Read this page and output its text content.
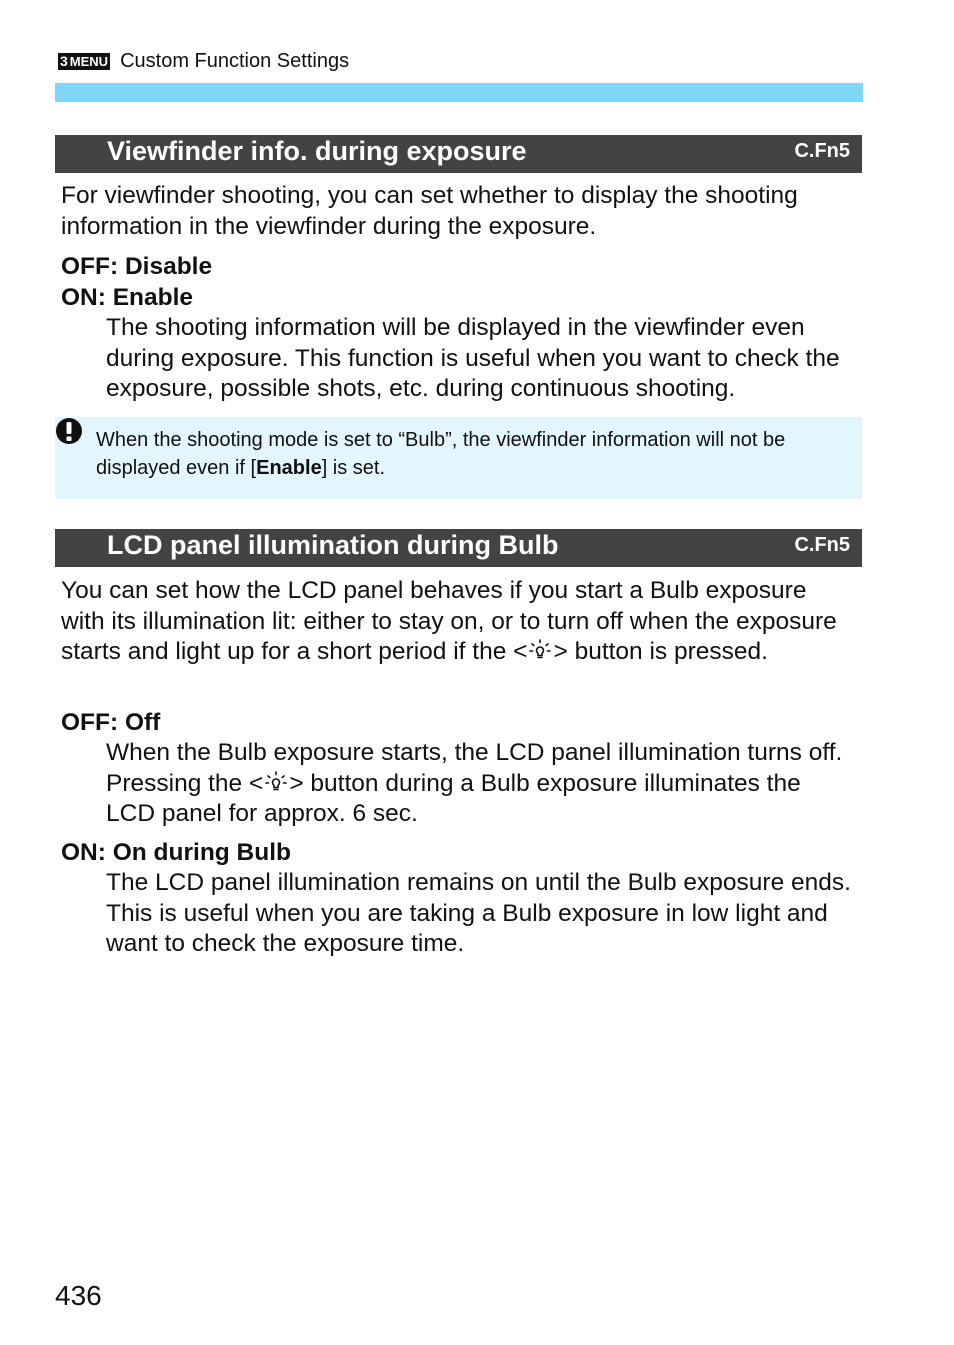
3 MENU Custom Function Settings
Viewfinder info. during exposure	C.Fn5
For viewfinder shooting, you can set whether to display the shooting information in the viewfinder during the exposure.
OFF: Disable
ON: Enable
The shooting information will be displayed in the viewfinder even during exposure. This function is useful when you want to check the exposure, possible shots, etc. during continuous shooting.
When the shooting mode is set to “Bulb”, the viewfinder information will not be displayed even if [Enable] is set.
LCD panel illumination during Bulb	C.Fn5
You can set how the LCD panel behaves if you start a Bulb exposure with its illumination lit: either to stay on, or to turn off when the exposure starts and light up for a short period if the < > button is pressed.
OFF: Off
When the Bulb exposure starts, the LCD panel illumination turns off. Pressing the < > button during a Bulb exposure illuminates the LCD panel for approx. 6 sec.
ON: On during Bulb
The LCD panel illumination remains on until the Bulb exposure ends. This is useful when you are taking a Bulb exposure in low light and want to check the exposure time.
436
